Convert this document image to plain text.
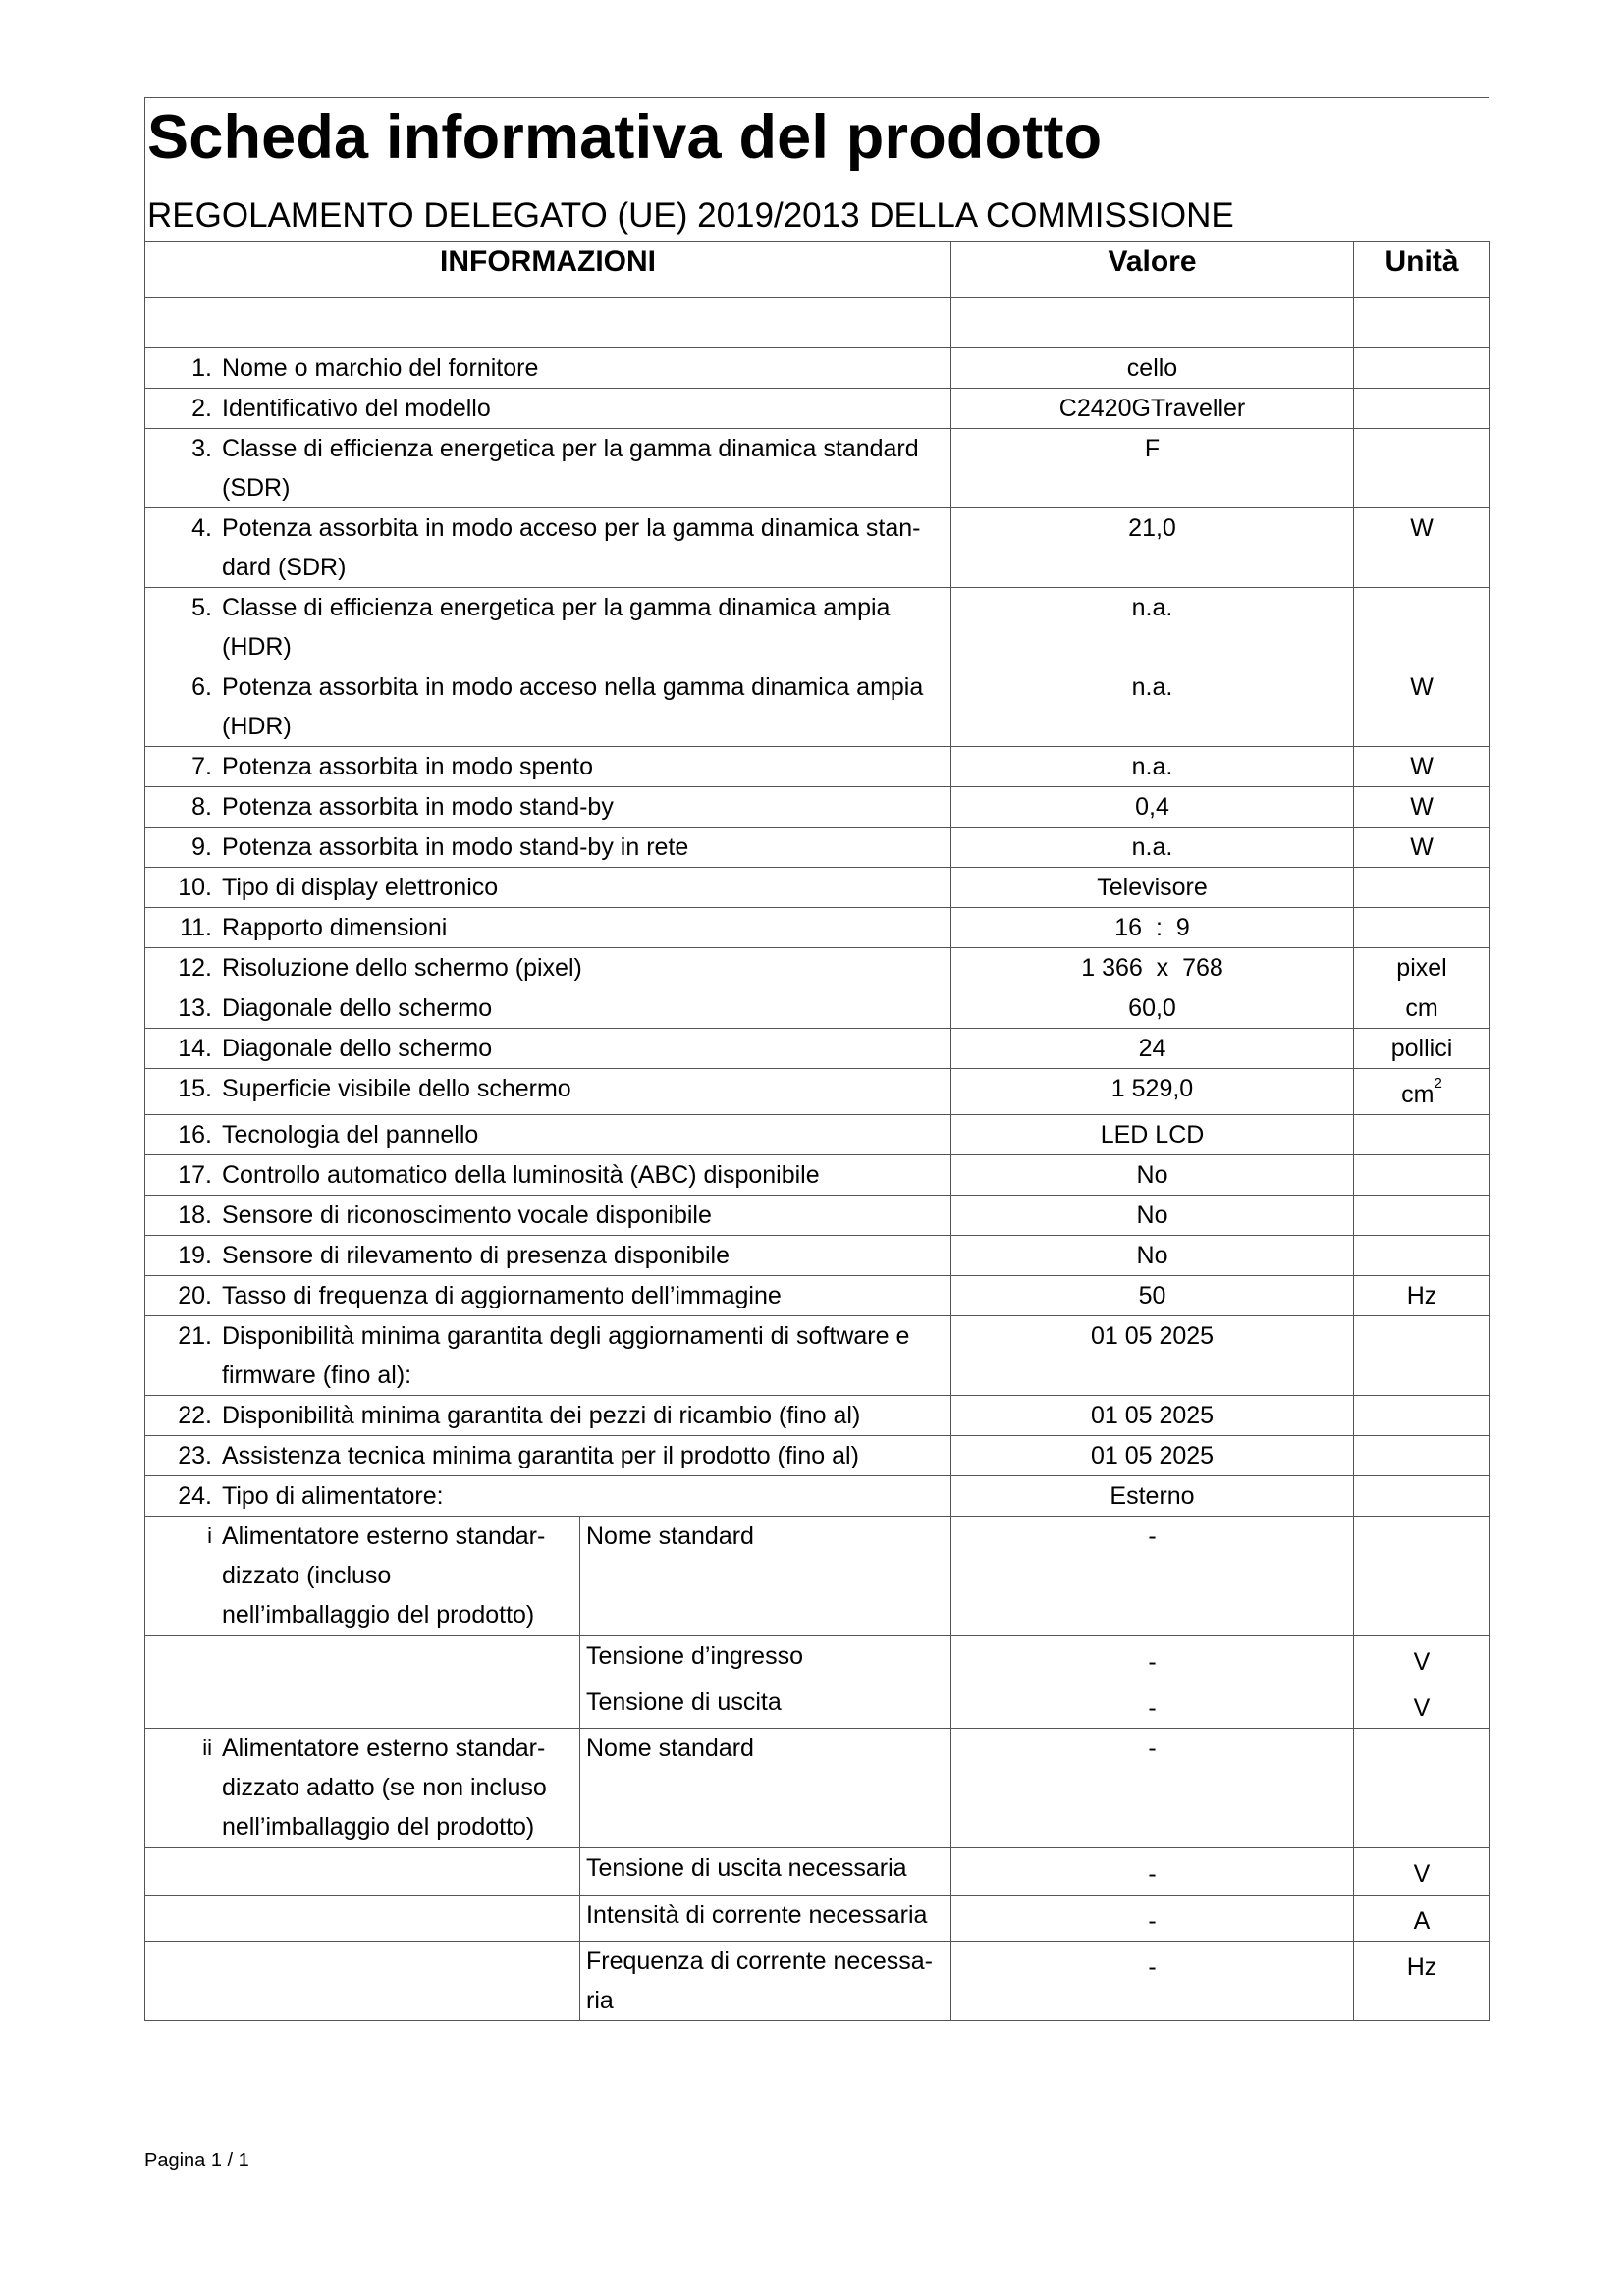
Scheda informativa del prodotto
REGOLAMENTO DELEGATO (UE) 2019/2013 DELLA COMMISSIONE
INFORMAZIONI		Valore	Unità

1. Nome o marchio del fornitore		cello	
2. Identificativo del modello		C2420GTraveller	
3. Classe di efficienza energetica per la gamma dinamica standard (SDR)		F	
4. Potenza assorbita in modo acceso per la gamma dinamica stan-dard (SDR)		21,0	W
5. Classe di efficienza energetica per la gamma dinamica ampia (HDR)		n.a.	
6. Potenza assorbita in modo acceso nella gamma dinamica ampia (HDR)		n.a.	W
7. Potenza assorbita in modo spento		n.a.	W
8. Potenza assorbita in modo stand-by		0,4	W
9. Potenza assorbita in modo stand-by in rete		n.a.	W
10. Tipo di display elettronico		Televisore	
11. Rapporto dimensioni		16  :  9	
12. Risoluzione dello schermo (pixel)		1 366  x  768	pixel
13. Diagonale dello schermo		60,0	cm
14. Diagonale dello schermo		24	pollici
15. Superficie visibile dello schermo		1 529,0	$cm^2$
16. Tecnologia del pannello		LED LCD	
17. Controllo automatico della luminosità (ABC) disponibile		No	
18. Sensore di riconoscimento vocale disponibile		No	
19. Sensore di rilevamento di presenza disponibile		No	
20. Tasso di frequenza di aggiornamento dell’immagine		50	Hz
21. Disponibilità minima garantita degli aggiornamenti di software e firmware (fino al):		01 05 2025	
22. Disponibilità minima garantita dei pezzi di ricambio (fino al)		01 05 2025	
23. Assistenza tecnica minima garantita per il prodotto (fino al)		01 05 2025	
24. Tipo di alimentatore:		Esterno	
i Alimentatore esterno standar-dizzato (incluso nell’imballaggio del prodotto)	Nome standard	-	
	Tensione d’ingresso	-	V
	Tensione di uscita	-	V
ii Alimentatore esterno standar-dizzato adatto (se non incluso nell’imballaggio del prodotto)	Nome standard	-	
	Tensione di uscita necessaria	-	V
	Intensità di corrente necessaria	-	A
	Frequenza di corrente necessa-ria	-	Hz
Pagina 1 / 1
